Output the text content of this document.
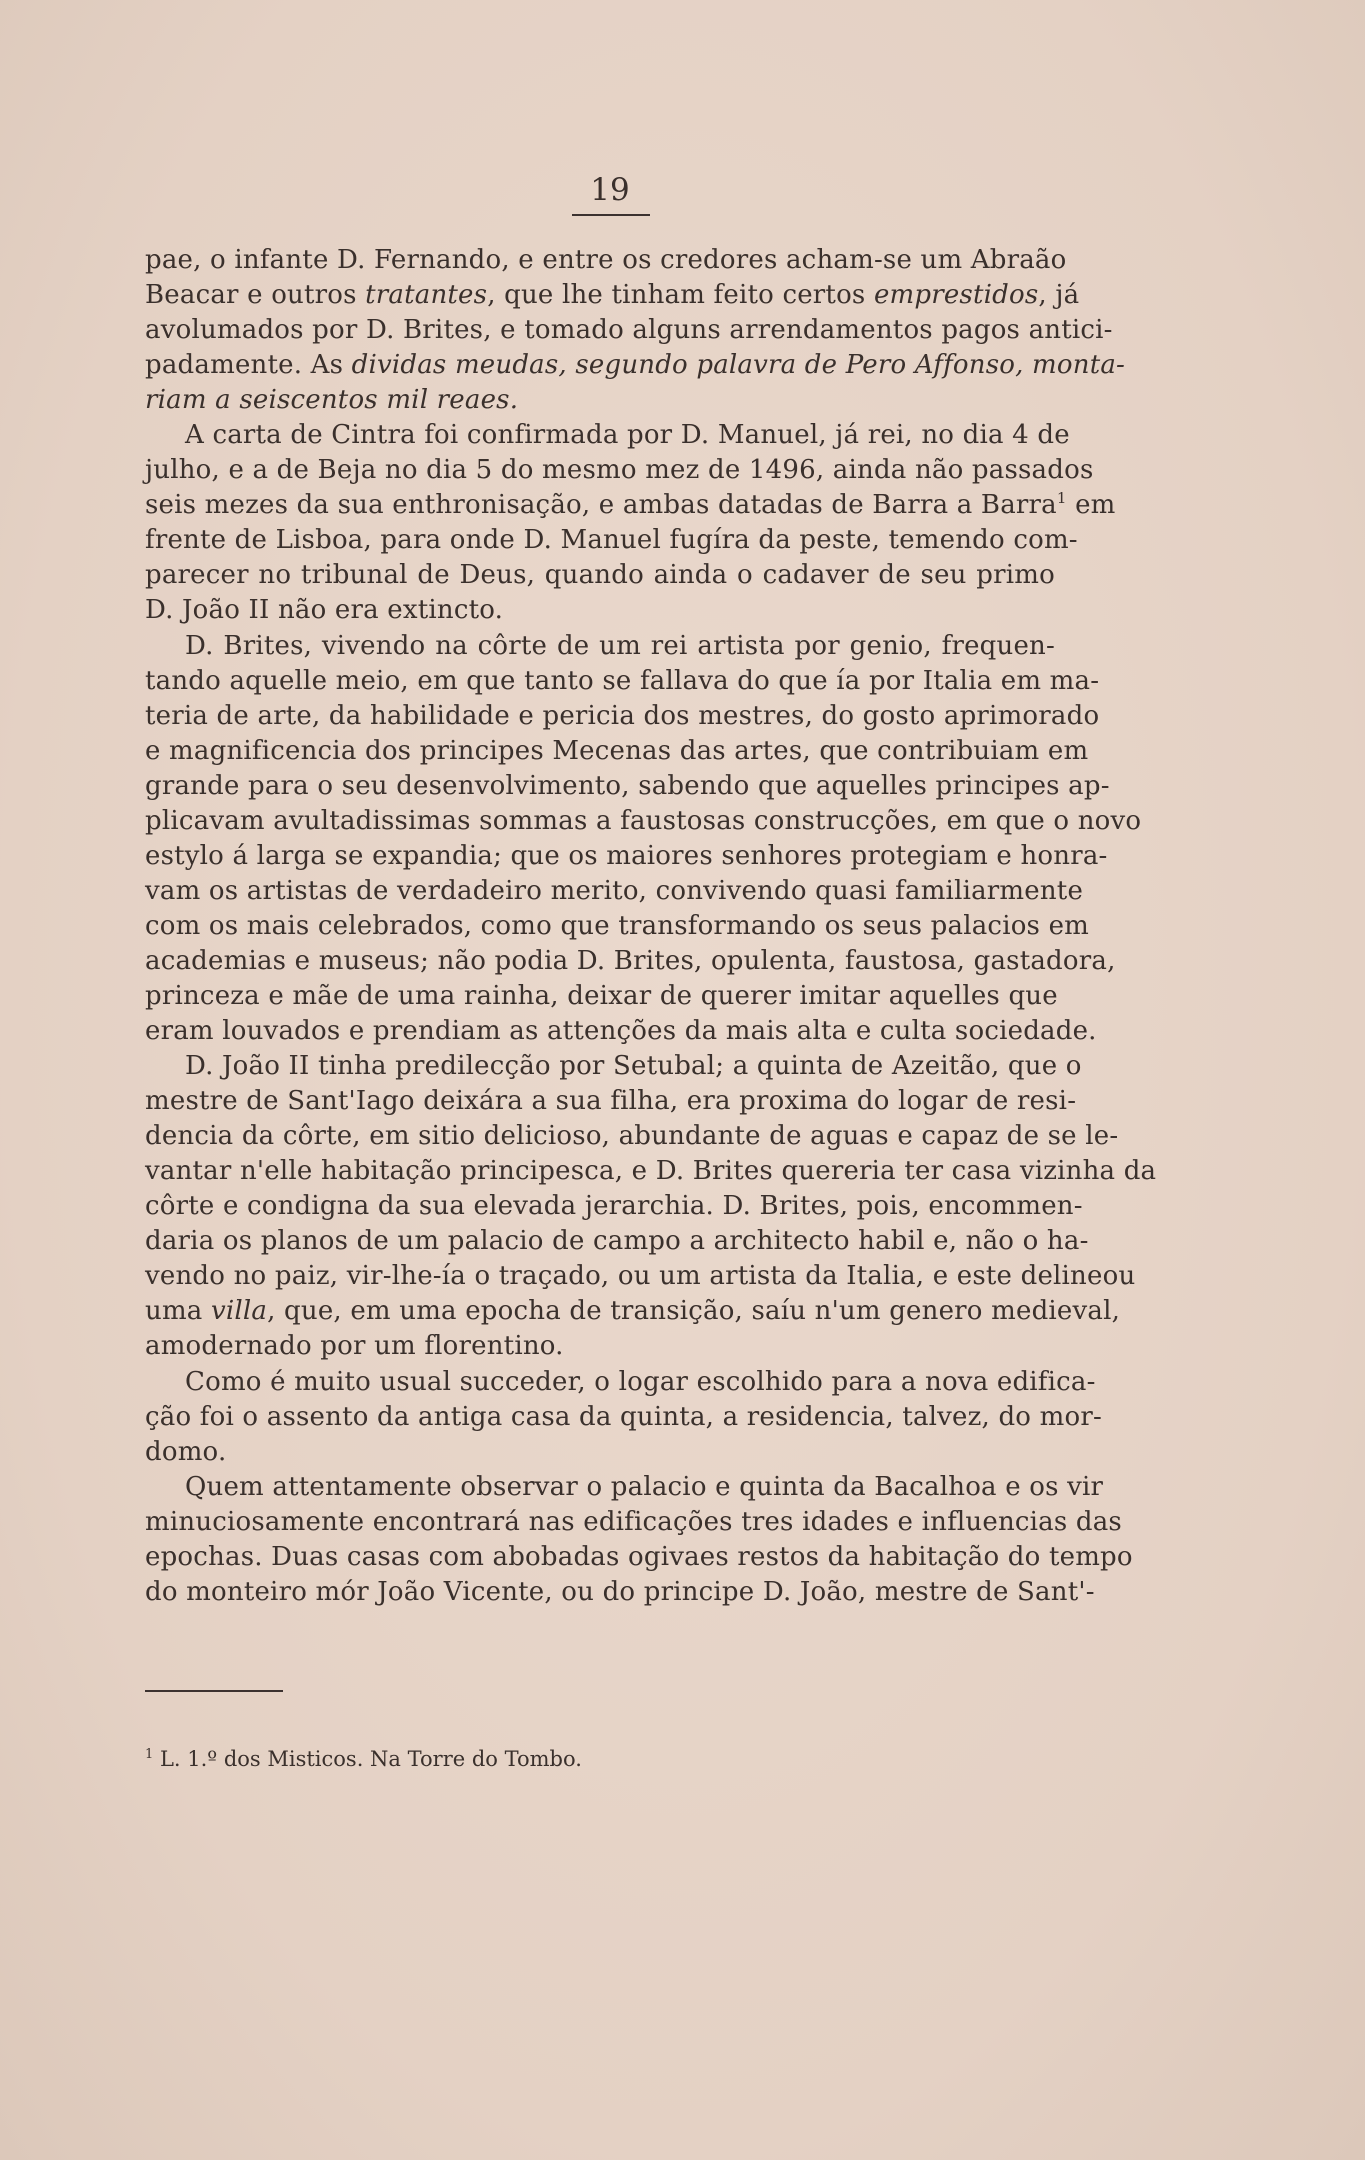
19
pae, o infante D. Fernando, e entre os credores acham-se um Abraão
Beacar e outros tratantes, que lhe tinham feito certos emprestidos, já
avolumados por D. Brites, e tomado alguns arrendamentos pagos antici-
padamente. As dividas meudas, segundo palavra de Pero Affonso, monta-
riam a seiscentos mil reaes.
A carta de Cintra foi confirmada por D. Manuel, já rei, no dia 4 de
julho, e a de Beja no dia 5 do mesmo mez de 1496, ainda não passados
seis mezes da sua enthronisação, e ambas datadas de Barra a Barra$^1$ em
frente de Lisboa, para onde D. Manuel fugíra da peste, temendo com-
parecer no tribunal de Deus, quando ainda o cadaver de seu primo
D. João II não era extincto.
D. Brites, vivendo na côrte de um rei artista por genio, frequen-
tando aquelle meio, em que tanto se fallava do que ía por Italia em ma-
teria de arte, da habilidade e pericia dos mestres, do gosto aprimorado
e magnificencia dos principes Mecenas das artes, que contribuiam em
grande para o seu desenvolvimento, sabendo que aquelles principes ap-
plicavam avultadissimas sommas a faustosas construcções, em que o novo
estylo á larga se expandia; que os maiores senhores protegiam e honra-
vam os artistas de verdadeiro merito, convivendo quasi familiarmente
com os mais celebrados, como que transformando os seus palacios em
academias e museus; não podia D. Brites, opulenta, faustosa, gastadora,
princeza e mãe de uma rainha, deixar de querer imitar aquelles que
eram louvados e prendiam as attenções da mais alta e culta sociedade.
D. João II tinha predilecção por Setubal; a quinta de Azeitão, que o
mestre de Sant'Iago deixára a sua filha, era proxima do logar de resi-
dencia da côrte, em sitio delicioso, abundante de aguas e capaz de se le-
vantar n'elle habitação principesca, e D. Brites quereria ter casa vizinha da
côrte e condigna da sua elevada jerarchia. D. Brites, pois, encommen-
daria os planos de um palacio de campo a architecto habil e, não o ha-
vendo no paiz, vir-lhe-ía o traçado, ou um artista da Italia, e este delineou
uma villa, que, em uma epocha de transição, saíu n'um genero medieval,
amodernado por um florentino.
Como é muito usual succeder, o logar escolhido para a nova edifica-
ção foi o assento da antiga casa da quinta, a residencia, talvez, do mor-
domo.
Quem attentamente observar o palacio e quinta da Bacalhoa e os vir
minuciosamente encontrará nas edificações tres idades e influencias das
epochas. Duas casas com abobadas ogivaes restos da habitação do tempo
do monteiro mór João Vicente, ou do principe D. João, mestre de Sant'-
$^1$ L. 1.º dos Misticos. Na Torre do Tombo.
